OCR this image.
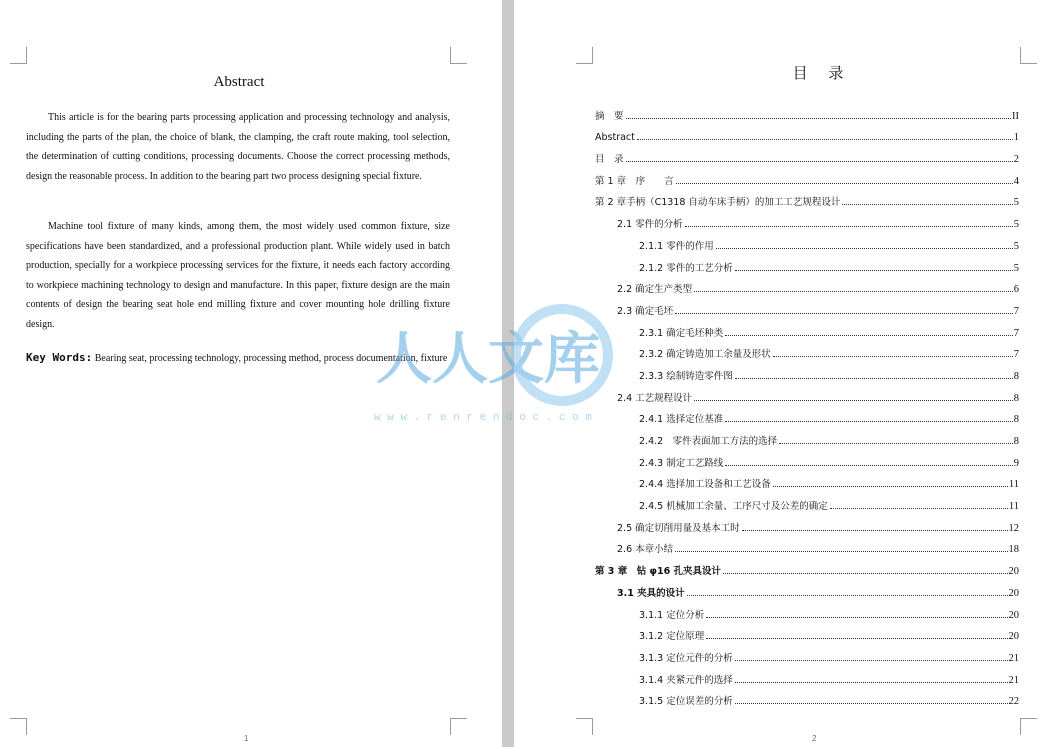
Abstract

This article is for the bearing parts processing application and processing technology and analysis, including the parts of the plan, the choice of blank, the clamping, the craft route making, tool selection, the determination of cutting conditions, processing documents. Choose the correct processing methods, design the reasonable process. In addition to the bearing part two process designing special fixture.

Machine tool fixture of many kinds, among them, the most widely used common fixture, size specifications have been standardized, and a professional production plant. While widely used in batch production, specially for a workpiece processing services for the fixture, it needs each factory according to workpiece machining technology to design and manufacture. In this paper, fixture design are the main contents of design the bearing seat hole end milling fixture and cover mounting hole drilling fixture design.

Key Words: Bearing seat, processing technology, processing method, process documentation, fixture
1
目 录
摘　要	II
Abstract	1
目　录	2
第 1 章　序　　言	4
第 2 章手柄（C1318 自动车床手柄）的加工工艺规程设计	5
2.1 零件的分析	5
2.1.1 零件的作用	5
2.1.2 零件的工艺分析	5
2.2 确定生产类型	6
2.3 确定毛坯	7
2.3.1 确定毛坯种类	7
2.3.2 确定铸造加工余量及形状	7
2.3.3 绘制铸造零件图	8
2.4 工艺规程设计	8
2.4.1 选择定位基准	8
2.4.2　零件表面加工方法的选择	8
2.4.3 制定工艺路线	9
2.4.4 选择加工设备和工艺设备	11
2.4.5 机械加工余量、工序尺寸及公差的确定	11
2.5 确定切削用量及基本工时	12
2.6 本章小结	18
第 3 章　钻 φ16 孔夹具设计	20
3.1 夹具的设计	20
3.1.1 定位分析	20
3.1.2 定位原理	20
3.1.3 定位元件的分析	21
3.1.4 夹紧元件的选择	21
3.1.5 定位误差的分析	22
2
人人文库
w w w . r e n r e n d o c . c o m
